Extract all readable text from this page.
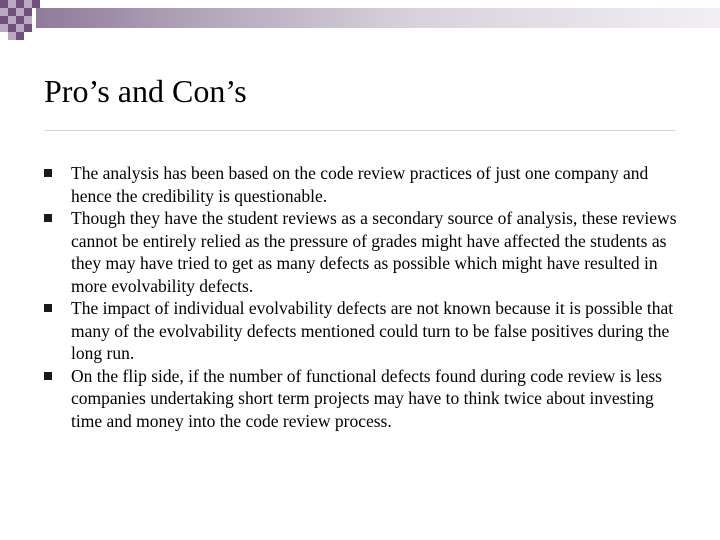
Pro’s and Con’s
The analysis has been based on the code review practices of just one company and hence the credibility is questionable.
Though they have the student reviews as a secondary source of analysis, these reviews cannot be entirely relied as the pressure of grades might have affected the students as they may have tried to get as many defects as possible which might have resulted in more evolvability defects.
The impact of individual evolvability defects are not known because it is possible that many of the evolvability defects mentioned could turn to be false positives during the long run.
On the flip side, if the number of functional defects found during code review is less companies undertaking short term projects may have to think twice about investing time and money into the code review process.
